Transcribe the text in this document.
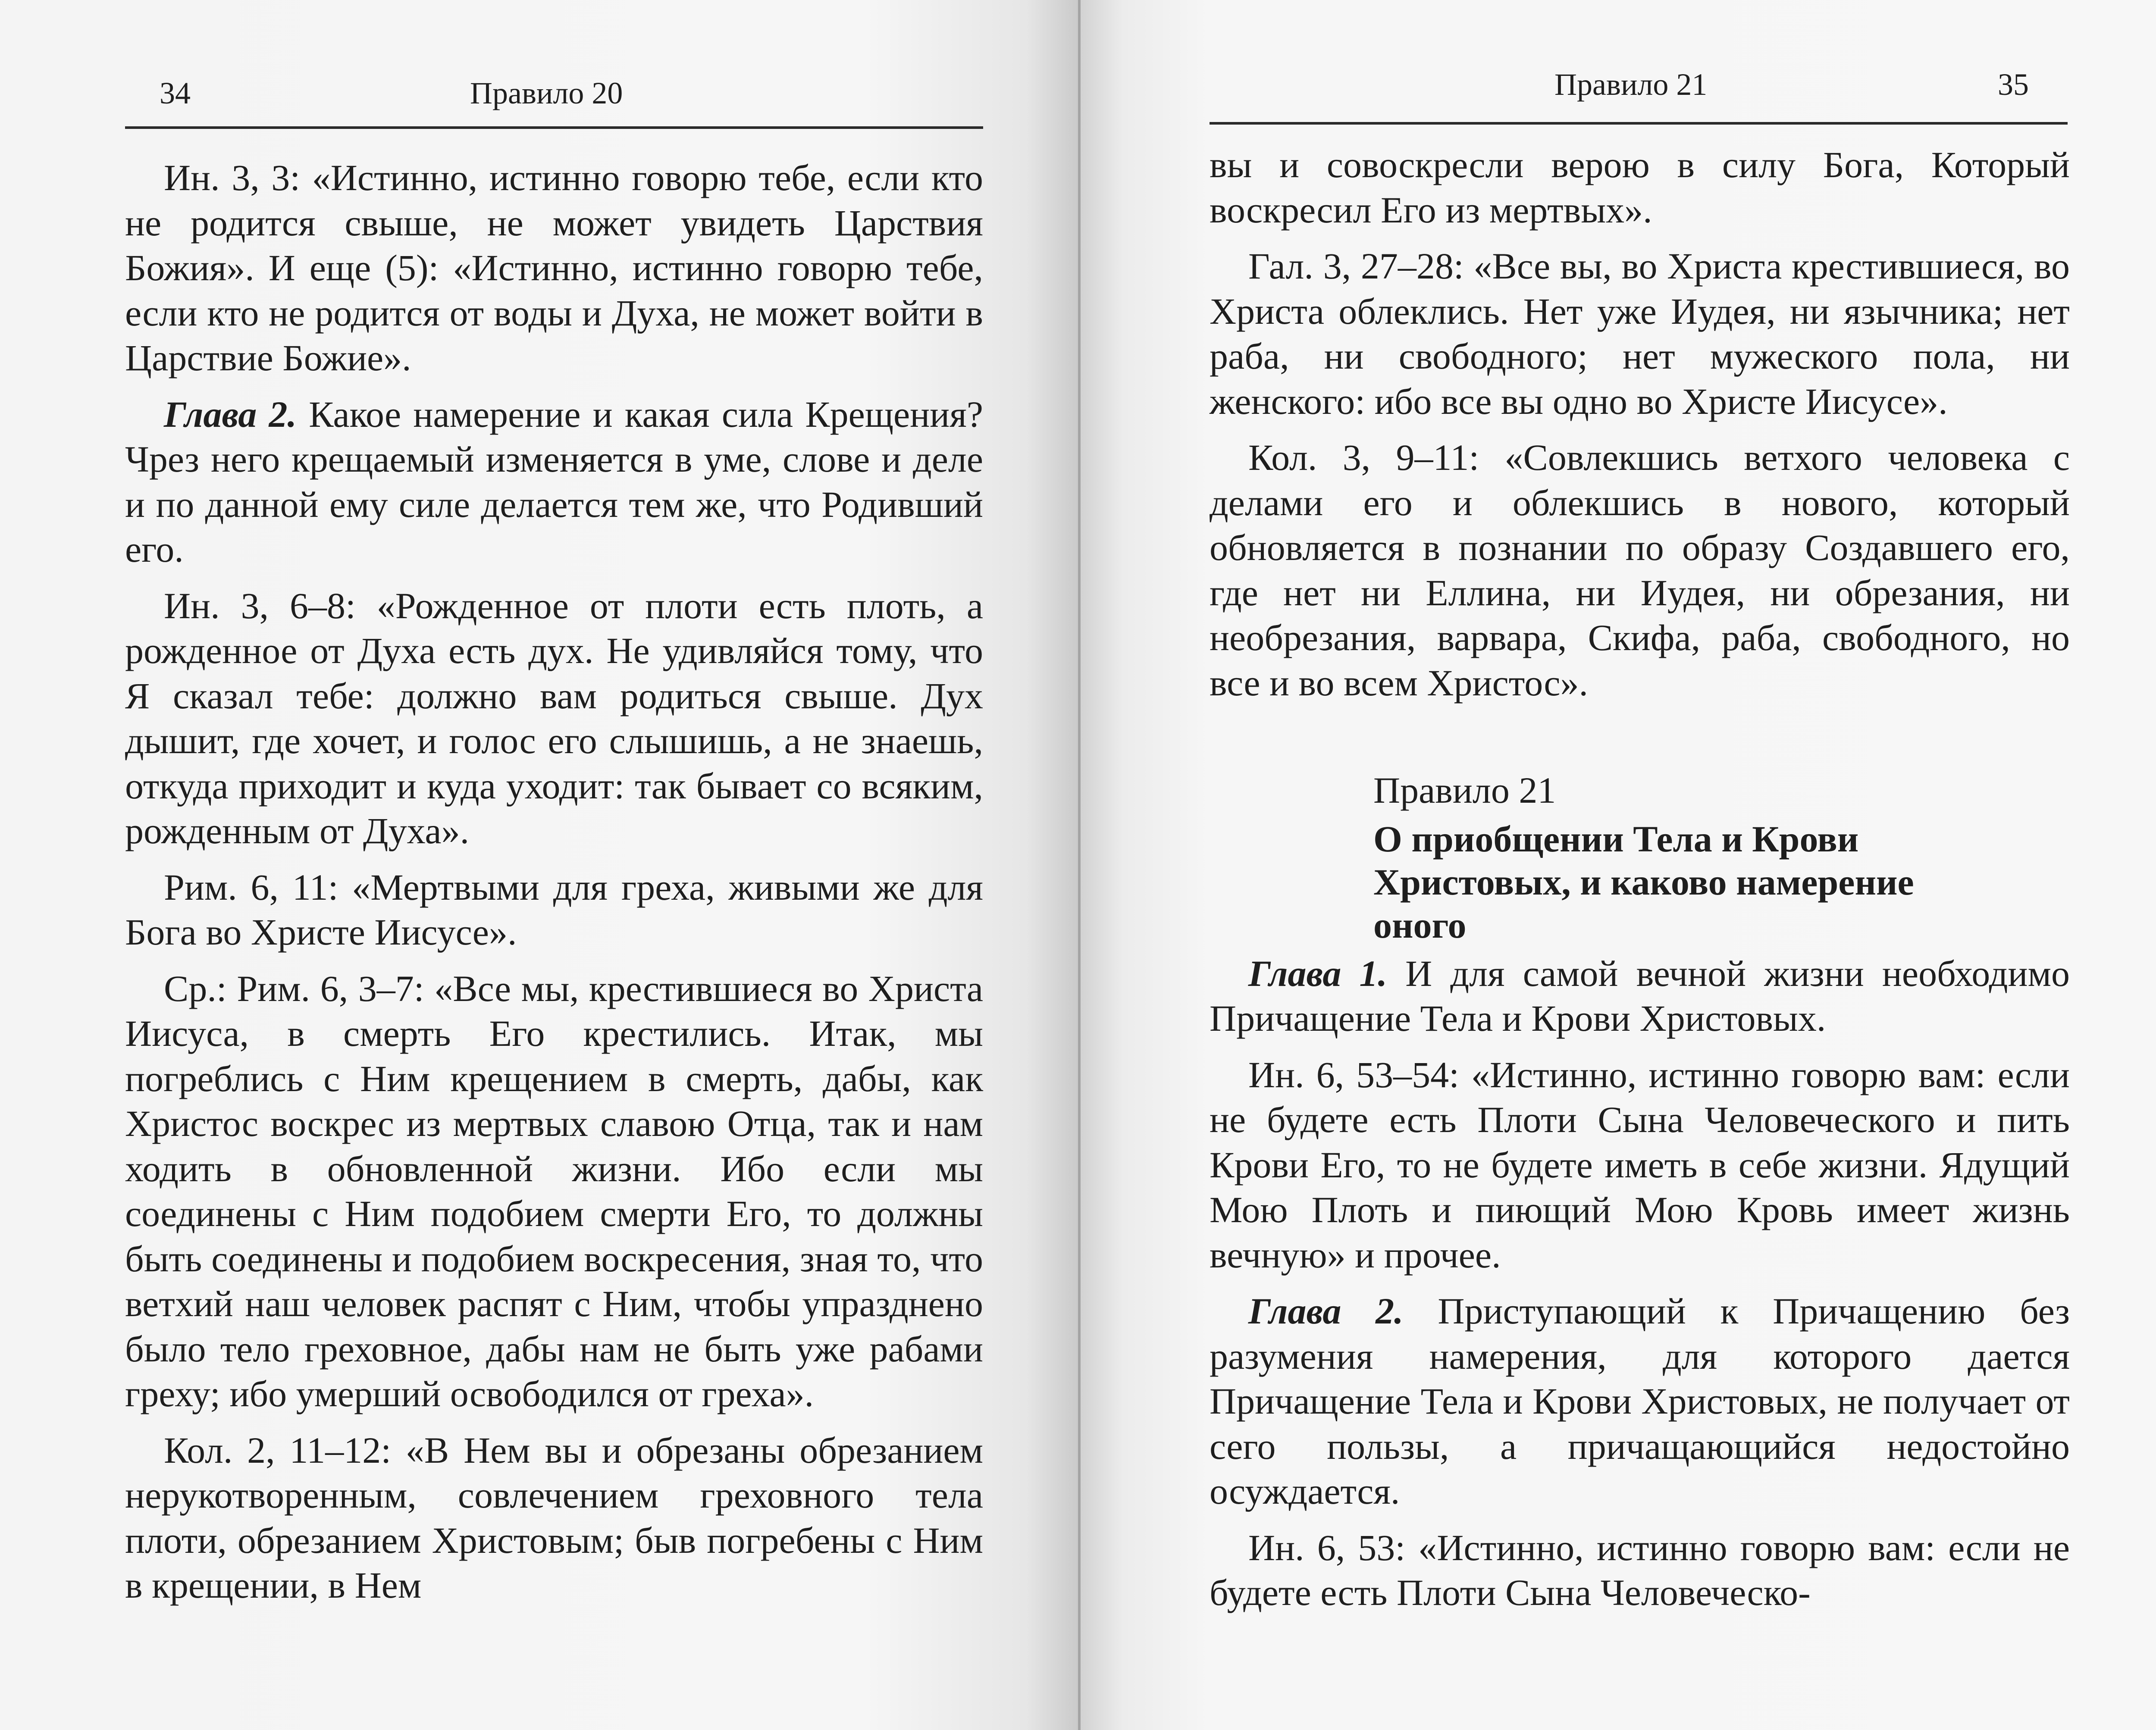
34	Правило 20

Ин. 3, 3: «Истинно, истинно говорю тебе, если кто не родится свыше, не может увидеть Царствия Божия». И еще (5): «Истинно, истинно говорю тебе, если кто не родится от воды и Духа, не может войти в Царствие Божие».

Глава 2. Какое намерение и какая сила Крещения? Чрез него крещаемый изменяется в уме, слове и деле и по данной ему силе делается тем же, что Родивший его.

Ин. 3, 6–8: «Рожденное от плоти есть плоть, а рожденное от Духа есть дух. Не удивляйся тому, что Я сказал тебе: должно вам родиться свыше. Дух дышит, где хочет, и голос его слышишь, а не знаешь, откуда приходит и куда уходит: так бывает со всяким, рожденным от Духа».

Рим. 6, 11: «Мертвыми для греха, живыми же для Бога во Христе Иисусе».

Ср.: Рим. 6, 3–7: «Все мы, крестившиеся во Христа Иисуса, в смерть Его крестились. Итак, мы погреблись с Ним крещением в смерть, дабы, как Христос воскрес из мертвых славою Отца, так и нам ходить в обновленной жизни. Ибо если мы соединены с Ним подобием смерти Его, то должны быть соединены и подобием воскресения, зная то, что ветхий наш человек распят с Ним, чтобы упразднено было тело греховное, дабы нам не быть уже рабами греху; ибо умерший освободился от греха».

Кол. 2, 11–12: «В Нем вы и обрезаны обрезанием нерукотворенным, совлечением греховного тела плоти, обрезанием Христовым; быв погребены с Ним в крещении, в Нем

Правило 21	35

вы и совоскресли верою в силу Бога, Который воскресил Его из мертвых».

Гал. 3, 27–28: «Все вы, во Христа крестившиеся, во Христа облеклись. Нет уже Иудея, ни язычника; нет раба, ни свободного; нет мужеского пола, ни женского: ибо все вы одно во Христе Иисусе».

Кол. 3, 9–11: «Совлекшись ветхого человека с делами его и облекшись в нового, который обновляется в познании по образу Создавшего его, где нет ни Еллина, ни Иудея, ни обрезания, ни необрезания, варвара, Скифа, раба, свободного, но все и во всем Христос».

Правило 21
О приобщении Тела и Крови Христовых, и каково намерение оного

Глава 1. И для самой вечной жизни необходимо Причащение Тела и Крови Христовых.

Ин. 6, 53–54: «Истинно, истинно говорю вам: если не будете есть Плоти Сына Человеческого и пить Крови Его, то не будете иметь в себе жизни. Ядущий Мою Плоть и пиющий Мою Кровь имеет жизнь вечную» и прочее.

Глава 2. Приступающий к Причащению без разумения намерения, для которого дается Причащение Тела и Крови Христовых, не получает от сего пользы, а причащающийся недостойно осуждается.

Ин. 6, 53: «Истинно, истинно говорю вам: если не будете есть Плоти Сына Человеческо-
